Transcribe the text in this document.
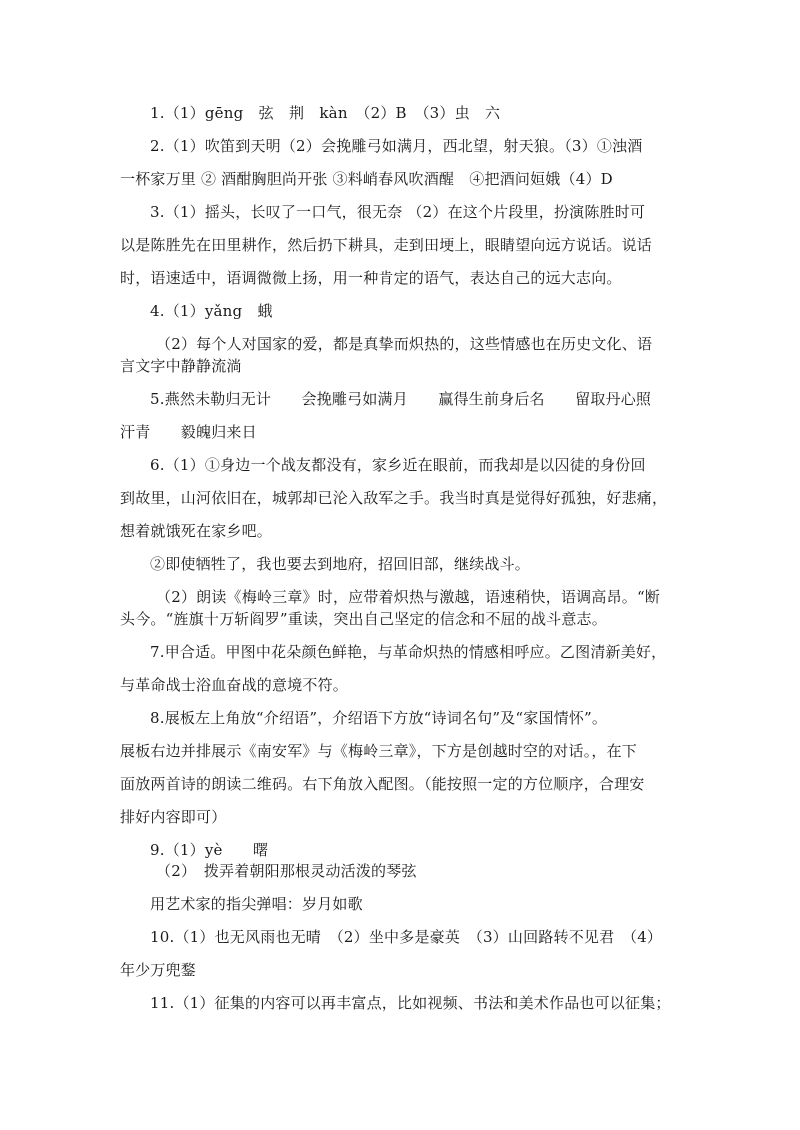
1.（1）gēng　弦　荆　kàn　（2）B　（3）虫　六
2.（1）吹笛到天明（2）会挽雕弓如满月，西北望，射天狼。（3）①浊酒
一杯家万里 ② 酒酣胸胆尚开张 ③料峭春风吹酒醒　④把酒问姮娥（4）D
3.（1）摇头，长叹了一口气，很无奈 （2）在这个片段里，扮演陈胜时可
以是陈胜先在田里耕作，然后扔下耕具，走到田埂上，眼睛望向远方说话。说话
时，语速适中，语调微微上扬，用一种肯定的语气，表达自己的远大志向。
4.（1）yǎng　蛾
（2）每个人对国家的爱，都是真挚而炽热的，这些情感也在历史文化、语
言文字中静静流淌
5.燕然未勒归无计　　会挽雕弓如满月　　赢得生前身后名　　留取丹心照
汗青　　毅魄归来日
6.（1）①身边一个战友都没有，家乡近在眼前，而我却是以囚徒的身份回
到故里，山河依旧在，城郭却已沦入敌军之手。我当时真是觉得好孤独，好悲痛，
想着就饿死在家乡吧。
②即使牺牲了，我也要去到地府，招回旧部，继续战斗。
（2）朗读《梅岭三章》时，应带着炽热与激越，语速稍快，语调高昂。“断
头今。“旌旗十万斩阎罗”重读，突出自己坚定的信念和不屈的战斗意志。
7.甲合适。甲图中花朵颜色鲜艳，与革命炽热的情感相呼应。乙图清新美好，
与革命战士浴血奋战的意境不符。
8.展板左上角放“介绍语”，介绍语下方放“诗词名句”及“家国情怀”。
展板右边并排展示《南安军》与《梅岭三章》，下方是创越时空的对话。，在下
面放两首诗的朗读二维码。右下角放入配图。（能按照一定的方位顺序，合理安
排好内容即可）
9.（1）yè　　曙
（2）　拨弄着朝阳那根灵动活泼的琴弦
用艺术家的指尖弹唱：岁月如歌
10.（1）也无风雨也无晴　（2）坐中多是豪英　（3）山回路转不见君　（4）
年少万兜鍪
11.（1）征集的内容可以再丰富点，比如视频、书法和美术作品也可以征集；
